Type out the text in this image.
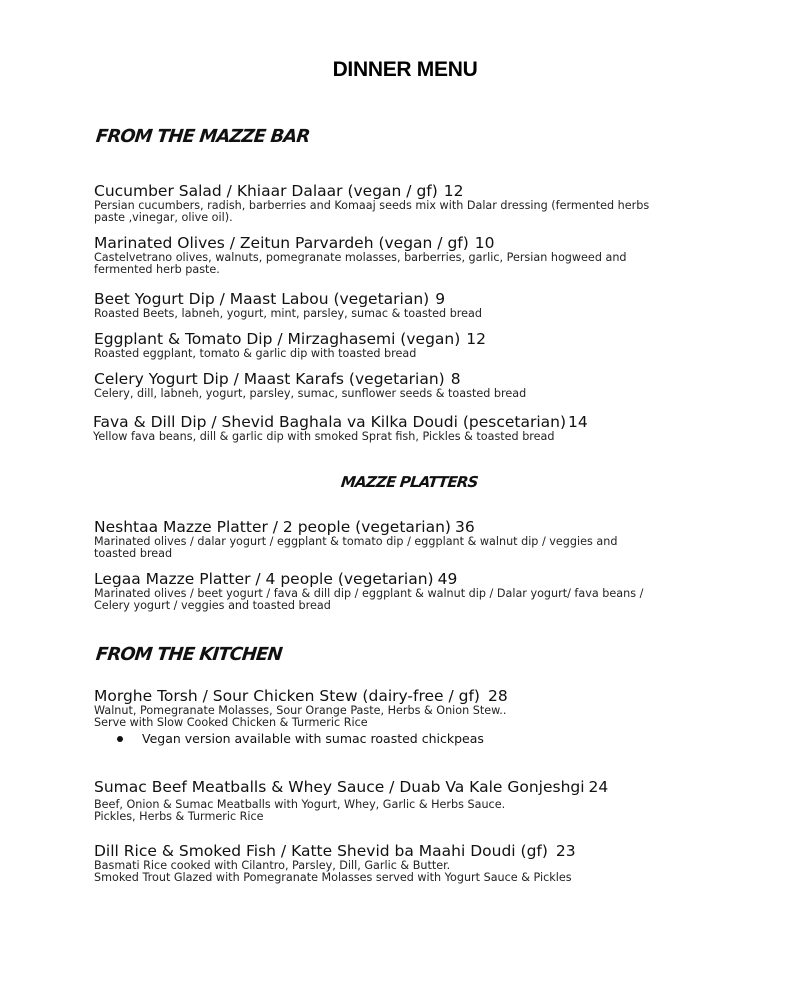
DINNER MENU
FROM THE MAZZE BAR
Cucumber Salad / Khiaar Dalaar (vegan / gf) 12
Persian cucumbers, radish, barberries and Komaaj seeds mix with Dalar dressing (fermented herbs
paste ,vinegar, olive oil).
Marinated Olives / Zeitun Parvardeh (vegan / gf) 10
Castelvetrano olives, walnuts, pomegranate molasses, barberries, garlic, Persian hogweed and
fermented herb paste.
Beet Yogurt Dip / Maast Labou (vegetarian) 9
Roasted Beets, labneh, yogurt, mint, parsley, sumac & toasted bread
Eggplant & Tomato Dip / Mirzaghasemi (vegan) 12
Roasted eggplant, tomato & garlic dip with toasted bread
Celery Yogurt Dip / Maast Karafs (vegetarian) 8
Celery, dill, labneh, yogurt, parsley, sumac, sunflower seeds & toasted bread
Fava & Dill Dip / Shevid Baghala va Kilka Doudi (pescetarian) 14
Yellow fava beans, dill & garlic dip with smoked Sprat fish, Pickles & toasted bread
MAZZE PLATTERS
Neshtaa Mazze Platter / 2 people (vegetarian) 36
Marinated olives / dalar yogurt / eggplant & tomato dip / eggplant & walnut dip / veggies and
toasted bread
Legaa Mazze Platter / 4 people (vegetarian) 49
Marinated olives / beet yogurt / fava & dill dip / eggplant & walnut dip / Dalar yogurt/ fava beans /
Celery yogurt / veggies and toasted bread
FROM THE KITCHEN
Morghe Torsh / Sour Chicken Stew (dairy-free / gf) 28
Walnut, Pomegranate Molasses, Sour Orange Paste, Herbs & Onion Stew..
Serve with Slow Cooked Chicken & Turmeric Rice
Vegan version available with sumac roasted chickpeas
Sumac Beef Meatballs & Whey Sauce / Duab Va Kale Gonjeshgi 24
Beef, Onion & Sumac Meatballs with Yogurt, Whey, Garlic & Herbs Sauce.
Pickles, Herbs & Turmeric Rice
Dill Rice & Smoked Fish / Katte Shevid ba Maahi Doudi (gf) 23
Basmati Rice cooked with Cilantro, Parsley, Dill, Garlic & Butter.
Smoked Trout Glazed with Pomegranate Molasses served with Yogurt Sauce & Pickles
